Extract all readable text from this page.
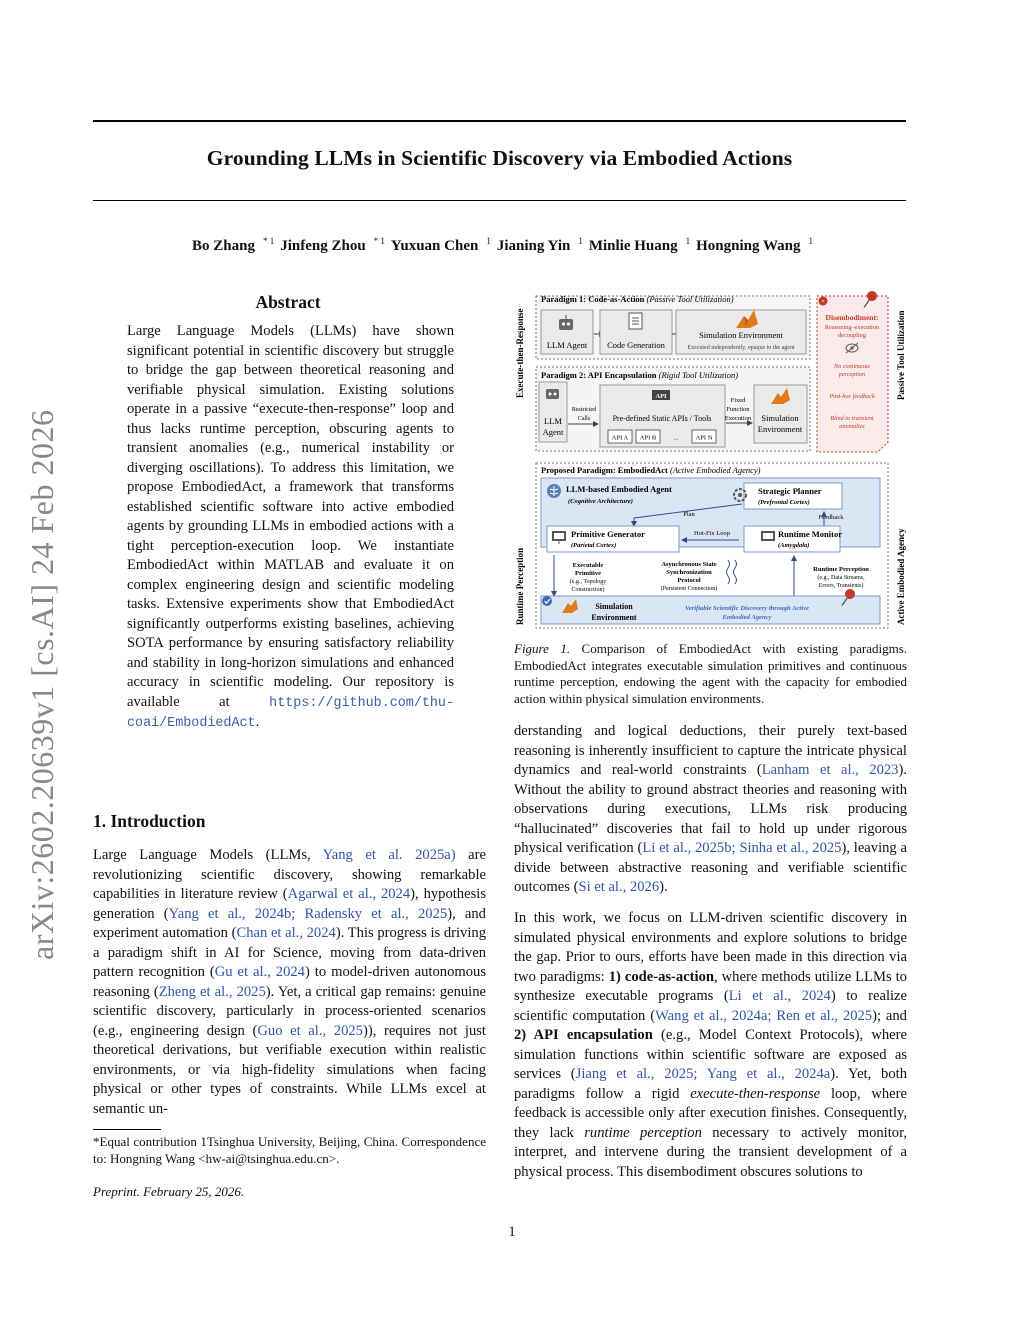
Grounding LLMs in Scientific Discovery via Embodied Actions
Bo Zhang $^{* 1}$ Jinfeng Zhou $^{* 1}$ Yuxuan Chen $^1$ Jianing Yin $^1$ Minlie Huang $^1$ Hongning Wang $^1$
arXiv:2602.20639v1 [cs.AI] 24 Feb 2026
Abstract
Large Language Models (LLMs) have shown significant potential in scientific discovery but struggle to bridge the gap between theoretical reasoning and verifiable physical simulation. Existing solutions operate in a passive “execute-then-response” loop and thus lacks runtime perception, obscuring agents to transient anomalies (e.g., numerical instability or diverging oscillations). To address this limitation, we propose EmbodiedAct, a framework that transforms established scientific software into active embodied agents by grounding LLMs in embodied actions with a tight perception-execution loop. We instantiate EmbodiedAct within MATLAB and evaluate it on complex engineering design and scientific modeling tasks. Extensive experiments show that EmbodiedAct significantly outperforms existing baselines, achieving SOTA performance by ensuring satisfactory reliability and stability in long-horizon simulations and enhanced accuracy in scientific modeling. Our repository is available at	https://github.com/thu-coai/EmbodiedAct.
1. Introduction
Large Language Models (LLMs, Yang et al. 2025a) are revolutionizing scientific discovery, showing remarkable capabilities in literature review (Agarwal et al., 2024), hypothesis generation (Yang et al., 2024b; Radensky et al., 2025), and experiment automation (Chan et al., 2024). This progress is driving a paradigm shift in AI for Science, moving from data-driven pattern recognition (Gu et al., 2024) to model-driven autonomous reasoning (Zheng et al., 2025). Yet, a critical gap remains: genuine scientific discovery, particularly in process-oriented scenarios (e.g., engineering design (Guo et al., 2025)), requires not just theoretical derivations, but verifiable execution within realistic environments, or via high-fidelity simulations when facing physical or other types of constraints. While LLMs excel at semantic un-
*Equal contribution 1Tsinghua University, Beijing, China. Correspondence to: Hongning Wang <hw-ai@tsinghua.edu.cn>.
Preprint. February 25, 2026.
Execute-then-Response
Runtime Perception
Passive Tool Utilization
Active Embodied Agency
Paradigm 1: Code-as-Action (Passive Tool Utilization)
LLM Agent Code Generation
Simulation Environment
Executed independently, opaque to the agent
Paradigm 2: API Encapsulation (Rigid Tool Utilization)
LLM
Agent
Restricted
Calls
API
Pre-defined Static APIs / Tools
API A API B	...	API N
Fixed
Function
Execution Simulation
Environment
×
Disembodiment:
Reasoning–execution
decoupling
No continuous
perception
Post-hoc feedback
Blind to transient
anomalies
Proposed Paradigm: EmbodiedAct (Active Embodied Agency)
LLM-based Embodied Agent
(Cognitive Architecture)
Strategic Planner
(Prefrontal Cortex)
Plan	Feedback
Primitive Generator
(Parietal Cortex)
Hot-Fix Loop	Runtime Monitor
(Amygdala)
Executable
Primitive
(e.g., Topology
Construction)
Asynchronous State
Synchronization
Protocol
(Persistent Connection)
Runtime Perception
(e.g., Data Streams,
Errors, Transients)
Simulation
Environment
Verifiable Scientific Discovery through Active
Embodied Agency
Figure 1. Comparison of EmbodiedAct with existing paradigms. EmbodiedAct integrates executable simulation primitives and continuous runtime perception, endowing the agent with the capacity for embodied action within physical simulation environments.
derstanding and logical deductions, their purely text-based reasoning is inherently insufficient to capture the intricate physical dynamics and real-world constraints (Lanham et al., 2023). Without the ability to ground abstract theories and reasoning with observations during executions, LLMs risk producing “hallucinated” discoveries that fail to hold up under rigorous physical verification (Li et al., 2025b; Sinha et al., 2025), leaving a divide between abstractive reasoning and verifiable scientific outcomes (Si et al., 2026).
In this work, we focus on LLM-driven scientific discovery in simulated physical environments and explore solutions to bridge the gap. Prior to ours, efforts have been made in this direction via two paradigms: 1) code-as-action, where methods utilize LLMs to synthesize executable programs (Li et al., 2024) to realize scientific computation (Wang et al., 2024a; Ren et al., 2025); and 2) API encapsulation (e.g., Model Context Protocols), where simulation functions within scientific software are exposed as services (Jiang et al., 2025; Yang et al., 2024a). Yet, both paradigms follow a rigid execute-then-response loop, where feedback is accessible only after execution finishes. Consequently, they lack runtime perception necessary to actively monitor, interpret, and intervene during the transient development of a physical process. This disembodiment obscures solutions to
1
